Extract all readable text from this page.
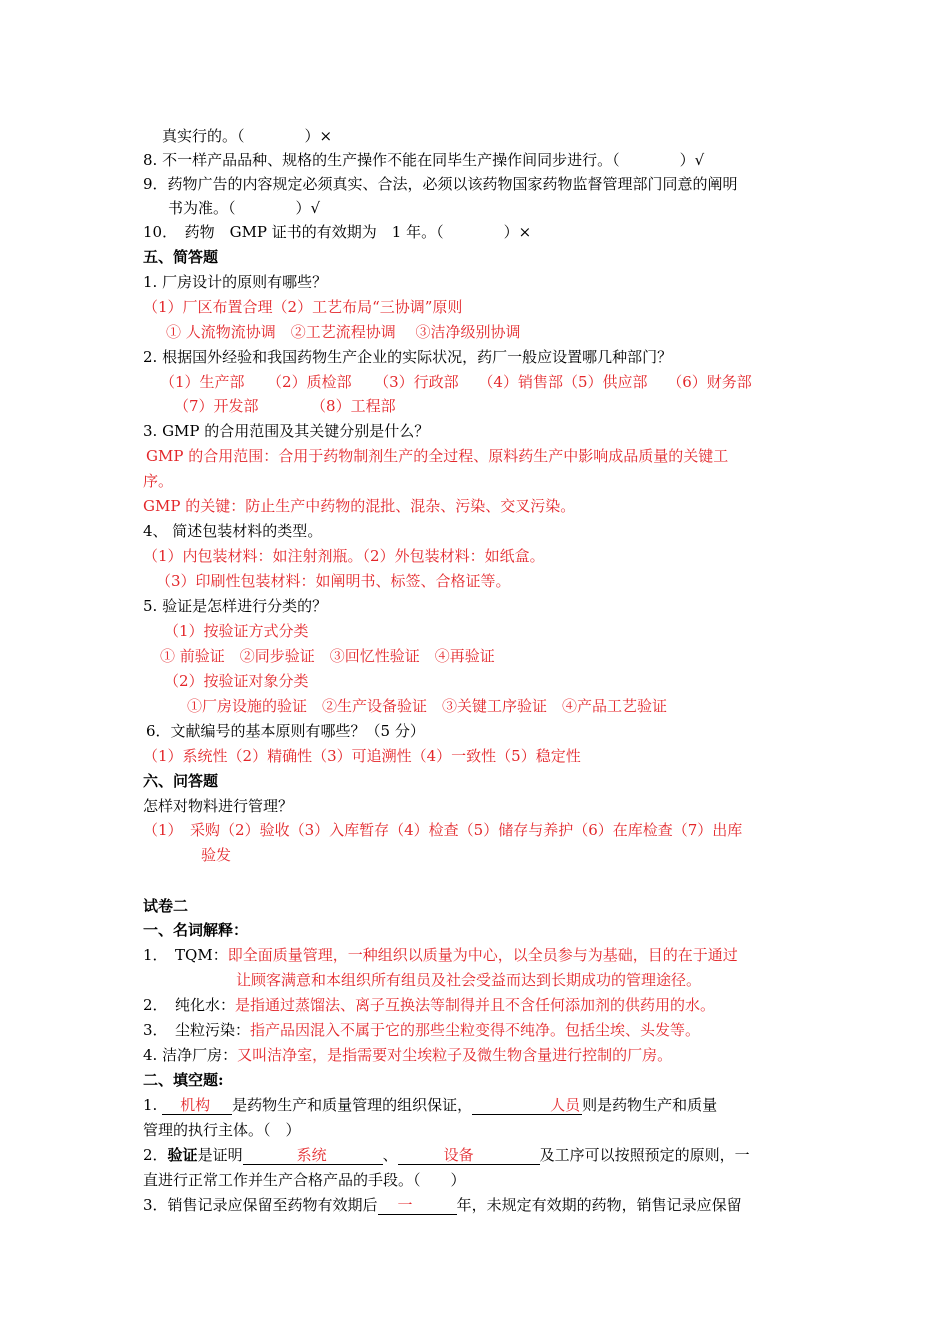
真实行的。（　　　　）×
8. 不一样产品品种、规格的生产操作不能在同毕生产操作间同步进行。（　　　　）√
9．药物广告的内容规定必须真实、合法，必须以该药物国家药物监督管理部门同意的阐明
书为准。（　　　　）√
10．　药物　GMP 证书的有效期为　1 年。（　　　　）×
五、简答题
1. 厂房设计的原则有哪些？
（1）厂区布置合理（2）工艺布局“三协调”原则
① 人流物流协调　②工艺流程协调　 ③洁净级别协调
2. 根据国外经验和我国药物生产企业的实际状况，药厂一般应设置哪几种部门？
（1）生产部　　（2）质检部　　（3）行政部　 （4）销售部（5）供应部　 （6）财务部
（7）开发部　　　　（8）工程部
3. GMP 的合用范围及其关键分别是什么？
GMP 的合用范围：合用于药物制剂生产的全过程、原料药生产中影响成品质量的关键工
序。
GMP 的关键：防止生产中药物的混批、混杂、污染、交叉污染。
4、 简述包装材料的类型。
（1）内包装材料：如注射剂瓶。（2）外包装材料：如纸盒。
（3）印刷性包装材料：如阐明书、标签、合格证等。
5. 验证是怎样进行分类的？
（1）按验证方式分类
① 前验证　②同步验证　③回忆性验证　④再验证
（2）按验证对象分类
①厂房设施的验证　②生产设备验证　③关键工序验证　④产品工艺验证
6．文献编号的基本原则有哪些？（5 分）
（1）系统性（2）精确性（3）可追溯性（4）一致性（5）稳定性
六、问答题
怎样对物料进行管理？
（1）　采购（2）验收（3）入库暂存（4）检查（5）储存与养护（6）在库检查（7）出库
验发
试卷二
一、名词解释：
1．　TQM：即全面质量管理，一种组织以质量为中心，以全员参与为基础，目的在于通过
让顾客满意和本组织所有组员及社会受益而达到长期成功的管理途径。
2．　纯化水：是指通过蒸馏法、离子互换法等制得并且不含任何添加剂的供药用的水。
3．　尘粒污染：指产品因混入不属于它的那些尘粒变得不纯净。包括尘埃、头发等。
4. 洁净厂房：又叫洁净室，是指需要对尘埃粒子及微生物含量进行控制的厂房。
二、填空题:
1. 机构 是药物生产和质量管理的组织保证，	人员 则是药物生产和质量
管理的执行主体。（　）
2．验证是证明	系统	、	设备	及工序可以按照预定的原则，一
直进行正常工作并生产合格产品的手段。（　　）
3．销售记录应保留至药物有效期后 一	年，未规定有效期的药物，销售记录应保留
